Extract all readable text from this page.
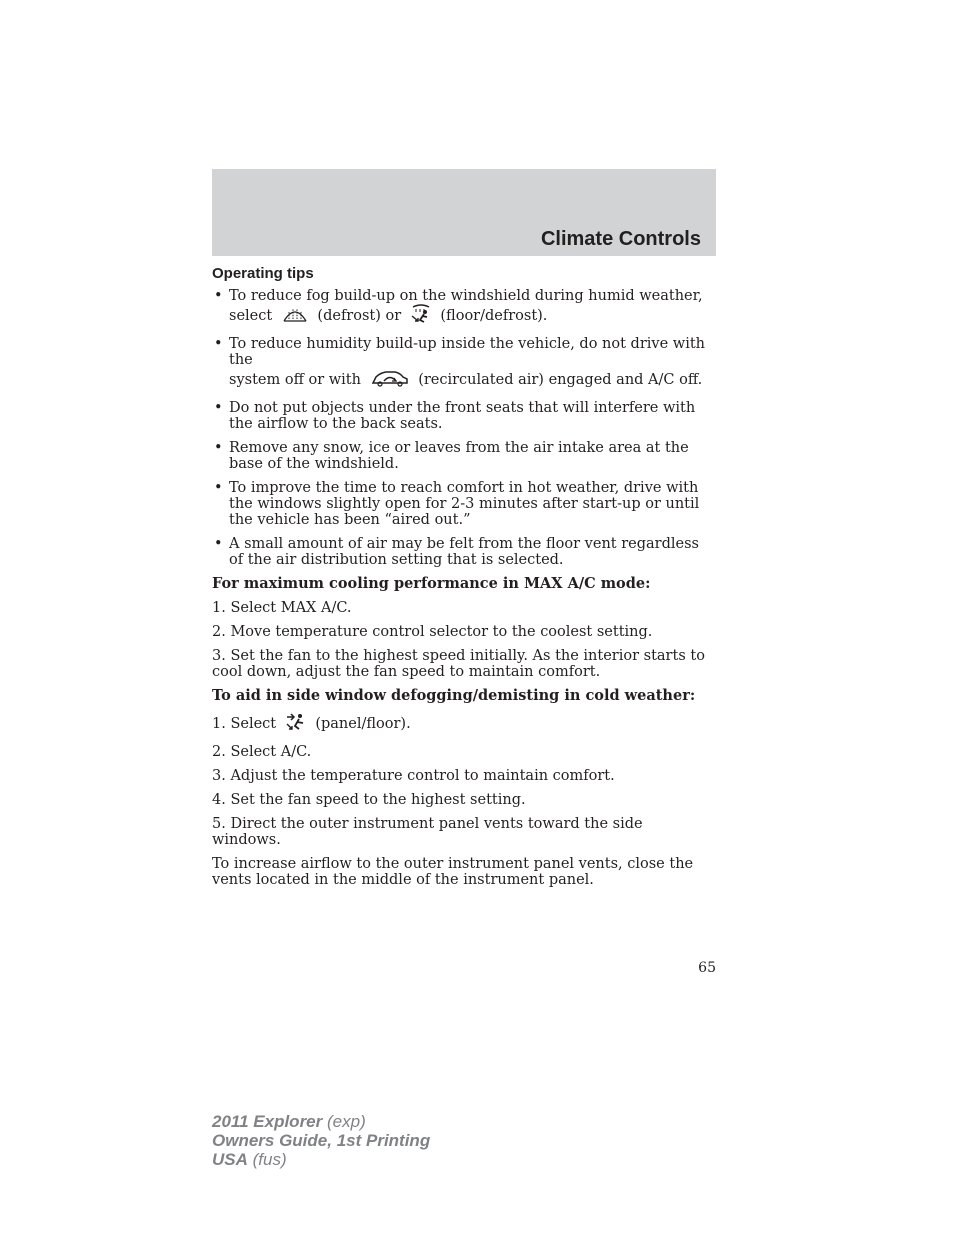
Climate Controls
Operating tips
• To reduce fog build-up on the windshield during humid weather,
select	(defrost) or	(floor/defrost).
• To reduce humidity build-up inside the vehicle, do not drive with the
system off or with	(recirculated air) engaged and A/C off.
• Do not put objects under the front seats that will interfere with the airflow to the back seats.
• Remove any snow, ice or leaves from the air intake area at the base of the windshield.
• To improve the time to reach comfort in hot weather, drive with the windows slightly open for 2-3 minutes after start-up or until the vehicle has been “aired out.”
• A small amount of air may be felt from the floor vent regardless of the air distribution setting that is selected.

For maximum cooling performance in MAX A/C mode:

1. Select MAX A/C.

2. Move temperature control selector to the coolest setting.

3. Set the fan to the highest speed initially. As the interior starts to cool down, adjust the fan speed to maintain comfort.

To aid in side window defogging/demisting in cold weather:

1. Select	(panel/floor).

2. Select A/C.

3. Adjust the temperature control to maintain comfort.

4. Set the fan speed to the highest setting.

5. Direct the outer instrument panel vents toward the side windows.

To increase airflow to the outer instrument panel vents, close the vents located in the middle of the instrument panel.

65
2011 Explorer (exp)
Owners Guide, 1st Printing
USA (fus)
